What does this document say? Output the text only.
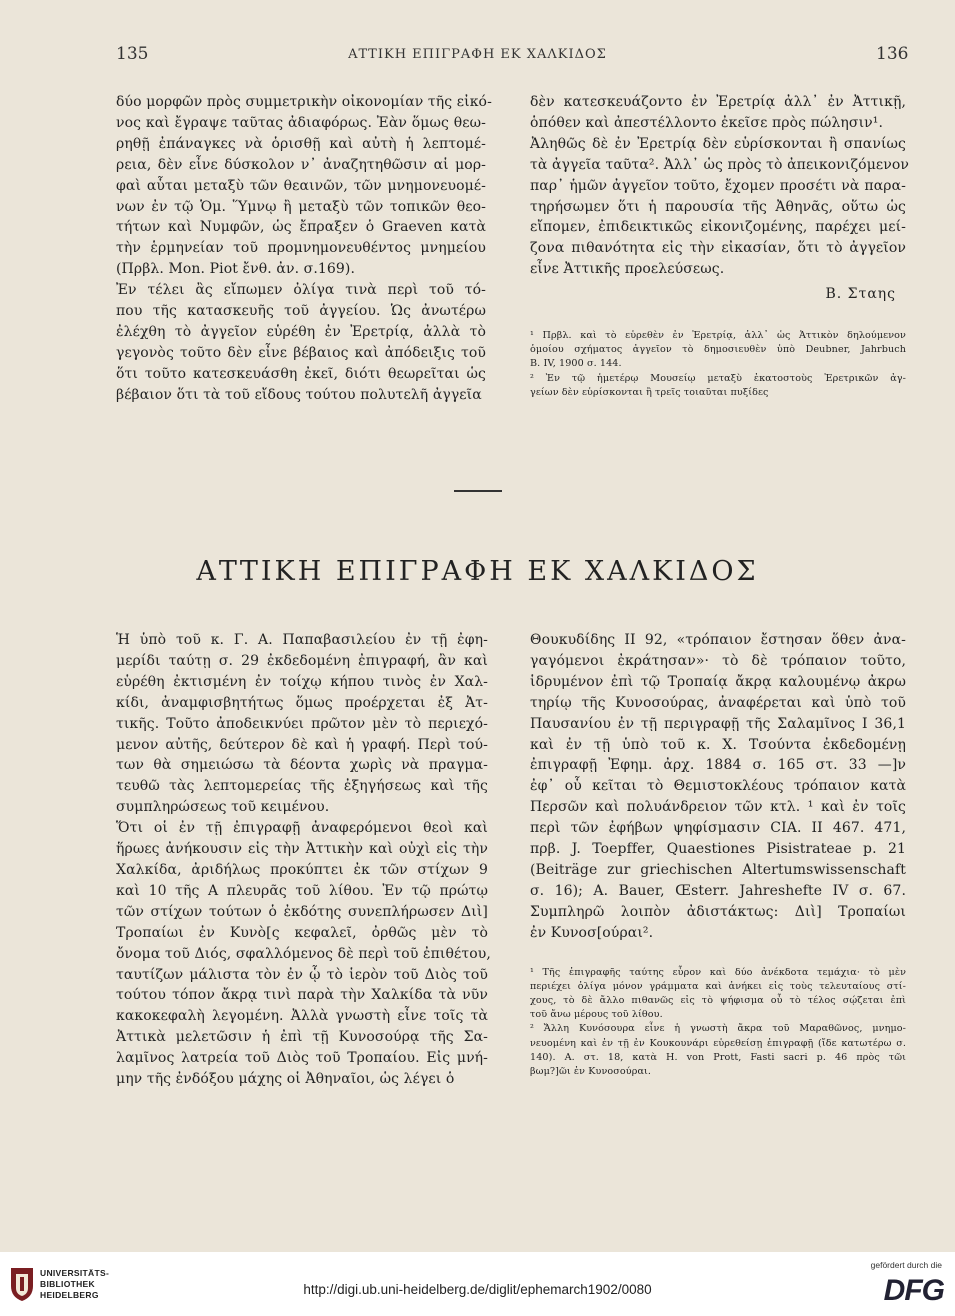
135	ΑΤΤΙΚΗ ΕΠΙΓΡΑΦΗ ΕΚ ΧΑΛΚΙΔΟΣ	136
δύο μορφῶν πρὸς συμμετρικὴν οἰκονομίαν τῆς εἰκό-
νος καὶ ἔγραψε ταῦτας ἀδιαφόρως. Ἐὰν ὅμως θεω-
ρηθῇ ἐπάναγκες νὰ ὁρισθῇ καὶ αὐτὴ ἡ λεπτομέ-
ρεια, δὲν εἶνε δύσκολον ν᾽ ἀναζητηθῶσιν αἱ μορ-
φαὶ αὗται μεταξὺ τῶν θεαινῶν, τῶν μνημονευομέ-
νων ἐν τῷ Ὁμ. Ὕμνῳ ἢ μεταξὺ τῶν τοπικῶν θεο-
τήτων καὶ Νυμφῶν, ὡς ἔπραξεν ὁ Graeven κατὰ
τὴν ἑρμηνείαν τοῦ προμνημονευθέντος μνημείου
(Πρβλ. Mon. Piot ἔνθ. ἀν. σ.169).
Ἐν τέλει ἂς εἴπωμεν ὀλίγα τινὰ περὶ τοῦ τό-
που τῆς κατασκευῆς τοῦ ἀγγείου. Ὡς ἀνωτέρω
ἐλέχθη τὸ ἀγγεῖον εὑρέθη ἐν Ἐρετρίᾳ, ἀλλὰ τὸ
γεγονὸς τοῦτο δὲν εἶνε βέβαιος καὶ ἀπόδειξις τοῦ
ὅτι τοῦτο κατεσκευάσθη ἐκεῖ, διότι θεωρεῖται ὡς
βέβαιον ὅτι τὰ τοῦ εἴδους τούτου πολυτελῆ ἀγγεῖα
δὲν κατεσκευάζοντο ἐν Ἐρετρίᾳ ἀλλ᾽ ἐν Ἀττικῇ,
ὁπόθεν καὶ ἀπεστέλλοντο ἐκεῖσε πρὸς πώλησιν¹.
Ἀληθῶς δὲ ἐν Ἐρετρίᾳ δὲν εὑρίσκονται ἢ σπανίως
τὰ ἀγγεῖα ταῦτα². Ἀλλ᾽ ὡς πρὸς τὸ ἀπεικονιζόμενον
παρ᾽ ἡμῶν ἀγγεῖον τοῦτο, ἔχομεν προσέτι νὰ παρα-
τηρήσωμεν ὅτι ἡ παρουσία τῆς Ἀθηνᾶς, οὕτω ὡς
εἴπομεν, ἐπιδεικτικῶς εἰκονιζομένης, παρέχει μεί-
ζονα πιθανότητα εἰς τὴν εἰκασίαν, ὅτι τὸ ἀγγεῖον
εἶνε Ἀττικῆς προελεύσεως.
Β. Σταης
¹ Πρβλ. καὶ τὸ εὑρεθὲν ἐν Ἐρετρίᾳ, ἀλλ᾽ ὡς Ἀττικὸν δηλούμενον
ὁμοίου σχήματος ἀγγεῖον τὸ δημοσιευθὲν ὑπὸ Deubner, Jahrbuch
B. IV, 1900 σ. 144.
² Ἐν τῷ ἡμετέρῳ Μουσείῳ μεταξὺ ἑκατοστοὺς Ἐρετρικῶν ἀγ-
γείων δὲν εὑρίσκονται ἢ τρεῖς τοιαῦται πυξίδες
ΑΤΤΙΚΗ ΕΠΙΓΡΑΦΗ ΕΚ ΧΑΛΚΙΔΟΣ
Ἡ ὑπὸ τοῦ κ. Γ. Α. Παπαβασιλείου ἐν τῇ ἐφη-
μερίδι ταύτῃ σ. 29 ἐκδεδομένη ἐπιγραφή, ἂν καὶ
εὑρέθη ἐκτισμένη ἐν τοίχῳ κήπου τινὸς ἐν Χαλ-
κίδι, ἀναμφισβητήτως ὅμως προέρχεται ἐξ Ἀτ-
τικῆς. Τοῦτο ἀποδεικνύει πρῶτον μὲν τὸ περιεχό-
μενον αὐτῆς, δεύτερον δὲ καὶ ἡ γραφή. Περὶ τού-
των θὰ σημειώσω τὰ δέοντα χωρὶς νὰ πραγμα-
τευθῶ τὰς λεπτομερείας τῆς ἐξηγήσεως καὶ τῆς
συμπληρώσεως τοῦ κειμένου.
Ὅτι οἱ ἐν τῇ ἐπιγραφῇ ἀναφερόμενοι θεοὶ καὶ
ἥρωες ἀνήκουσιν εἰς τὴν Ἀττικὴν καὶ οὐχὶ εἰς τὴν
Χαλκίδα, ἀριδήλως προκύπτει ἐκ τῶν στίχων 9
καὶ 10 τῆς Α πλευρᾶς τοῦ λίθου. Ἐν τῷ πρώτῳ
τῶν στίχων τούτων ὁ ἐκδότης συνεπλήρωσεν Διὶ]
Τροπαίωι ἐν Κυνὸ[ς κεφαλεῖ, ὀρθῶς μὲν τὸ
ὄνομα τοῦ Διός, σφαλλόμενος δὲ περὶ τοῦ ἐπιθέτου,
ταυτίζων μάλιστα τὸν ἐν ᾧ τὸ ἱερὸν τοῦ Διὸς τοῦ
τούτου τόπον ἄκρᾳ τινὶ παρὰ τὴν Χαλκίδα τὰ νῦν
κακοκεφαλὴ λεγομένη. Ἀλλὰ γνωστὴ εἶνε τοῖς τὰ
Ἀττικὰ μελετῶσιν ἡ ἐπὶ τῇ Κυνοσούρᾳ τῆς Σα-
λαμῖνος λατρεία τοῦ Διὸς τοῦ Τροπαίου. Εἰς μνή-
μην τῆς ἐνδόξου μάχης οἱ Ἀθηναῖοι, ὡς λέγει ὁ
Θουκυδίδης II 92, «τρόπαιον ἔστησαν ὅθεν ἀνα-
γαγόμενοι ἐκράτησαν»· τὸ δὲ τρόπαιον τοῦτο,
ἱδρυμένον ἐπὶ τῷ Τροπαίᾳ ἄκρᾳ καλουμένῳ ἀκρω
τηρίῳ τῆς Κυνοσούρας, ἀναφέρεται καὶ ὑπὸ τοῦ
Παυσανίου ἐν τῇ περιγραφῇ τῆς Σαλαμῖνος I 36,1
καὶ ἐν τῇ ὑπὸ τοῦ κ. Χ. Τσούντα ἐκδεδομένῃ
ἐπιγραφῇ Ἐφημ. ἀρχ. 1884 σ. 165 στ. 33 —]ν
ἐφ᾽ οὗ κεῖται τὸ Θεμιστοκλέους τρόπαιον κατὰ
Περσῶν καὶ πολυάνδρειον τῶν κτλ. ¹ καὶ ἐν τοῖς
περὶ τῶν ἐφήβων ψηφίσμασιν CIA. II 467. 471,
πρβ. J. Toepffer, Quaestiones Pisistrateae p. 21
(Beiträge zur griechischen Altertumswissenschaft
σ. 16); A. Bauer, Œsterr. Jahreshefte IV σ. 67.
Συμπληρῶ λοιπὸν ἀδιστάκτως: Διὶ] Τροπαίωι
ἐν Κυνοσ[ούραι².
¹ Τῆς ἐπιγραφῆς ταύτης εὗρον καὶ δύο ἀνέκδοτα τεμάχια· τὸ μὲν
περιέχει ὀλίγα μόνον γράμματα καὶ ἀνήκει εἰς τοὺς τελευταίους στί-
χους, τὸ δὲ ἄλλο πιθανῶς εἰς τὸ ψήφισμα οὗ τὸ τέλος σῴζεται ἐπὶ
τοῦ ἄνω μέρους τοῦ λίθου.
² Ἄλλη Κυνόσουρα εἶνε ἡ γνωστὴ ἄκρα τοῦ Μαραθῶνος, μνημο-
νευομένη καὶ ἐν τῇ ἐν Κουκουνάρι εὑρεθείσῃ ἐπιγραφῇ (ἴδε κατωτέρω σ.
140). A. στ. 18, κατὰ H. von Prott, Fasti sacri p. 46 πρὸς τῶι
βωμ?]ῶι ἐν Κυνοσούραι.
UNIVERSITÄTS-
BIBLIOTHEK
HEIDELBERG	http://digi.ub.uni-heidelberg.de/diglit/ephemarch1902/0080
gefördert durch die
DFG
